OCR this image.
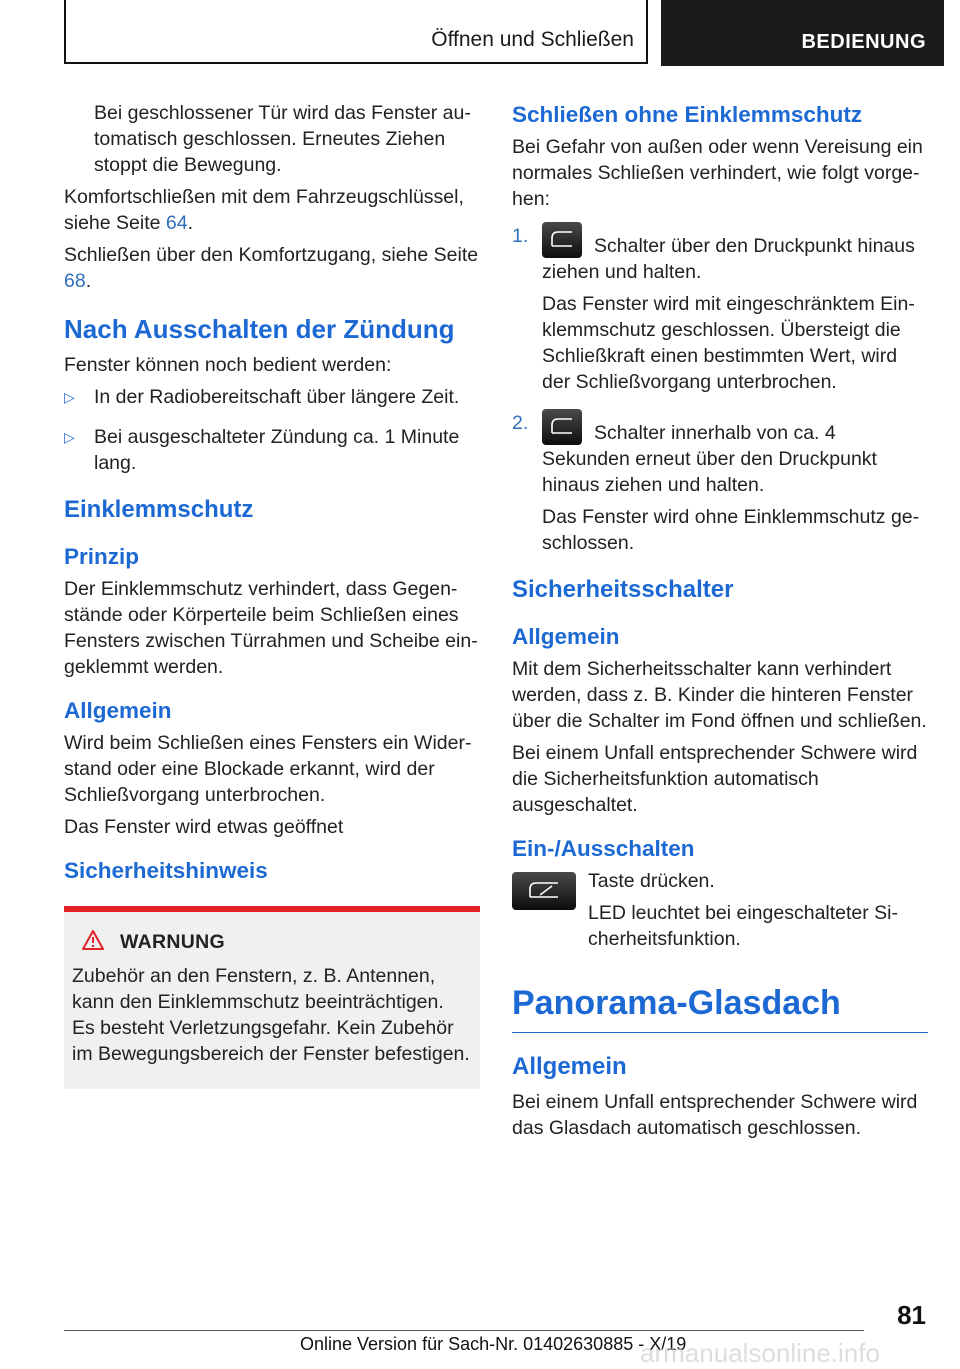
Öffnen und Schließen	BEDIENUNG

Bei geschlossener Tür wird das Fenster automatisch geschlossen. Erneutes Ziehen stoppt die Bewegung.

Komfortschließen mit dem Fahrzeugschlüssel, siehe Seite 64.

Schließen über den Komfortzugang, siehe Seite 68.

Nach Ausschalten der Zündung

Fenster können noch bedient werden:

▷ In der Radiobereitschaft über längere Zeit.
▷ Bei ausgeschalteter Zündung ca. 1 Minute lang.
Einklemmschutz
Prinzip

Der Einklemmschutz verhindert, dass Gegenstände oder Körperteile beim Schließen eines Fensters zwischen Türrahmen und Scheibe eingeklemmt werden.

Allgemein

Wird beim Schließen eines Fensters ein Widerstand oder eine Blockade erkannt, wird der Schließvorgang unterbrochen.

Das Fenster wird etwas geöffnet

Sicherheitshinweis
WARNUNG

Zubehör an den Fenstern, z. B. Antennen, kann den Einklemmschutz beeinträchtigen. Es besteht Verletzungsgefahr. Kein Zubehör im Bewegungsbereich der Fenster befestigen.

Schließen ohne Einklemmschutz

Bei Gefahr von außen oder wenn Vereisung ein normales Schließen verhindert, wie folgt vorgehen:

1.	Schalter über den Druckpunkt hinaus ziehen und halten.

Das Fenster wird mit eingeschränktem Einklemmschutz geschlossen. Übersteigt die Schließkraft einen bestimmten Wert, wird der Schließvorgang unterbrochen.

2.	Schalter innerhalb von ca. 4 Sekunden erneut über den Druckpunkt hinaus ziehen und halten.

Das Fenster wird ohne Einklemmschutz geschlossen.

Sicherheitsschalter
Allgemein

Mit dem Sicherheitsschalter kann verhindert werden, dass z. B. Kinder die hinteren Fenster über die Schalter im Fond öffnen und schließen.

Bei einem Unfall entsprechender Schwere wird die Sicherheitsfunktion automatisch ausgeschaltet.

Ein-/Ausschalten

Taste drücken.

LED leuchtet bei eingeschalteter Sicherheitsfunktion.

Panorama-Glasdach
Allgemein

Bei einem Unfall entsprechender Schwere wird das Glasdach automatisch geschlossen.

81
Online Version für Sach-Nr. 01402630885 - X/19
armanualsonline.info
